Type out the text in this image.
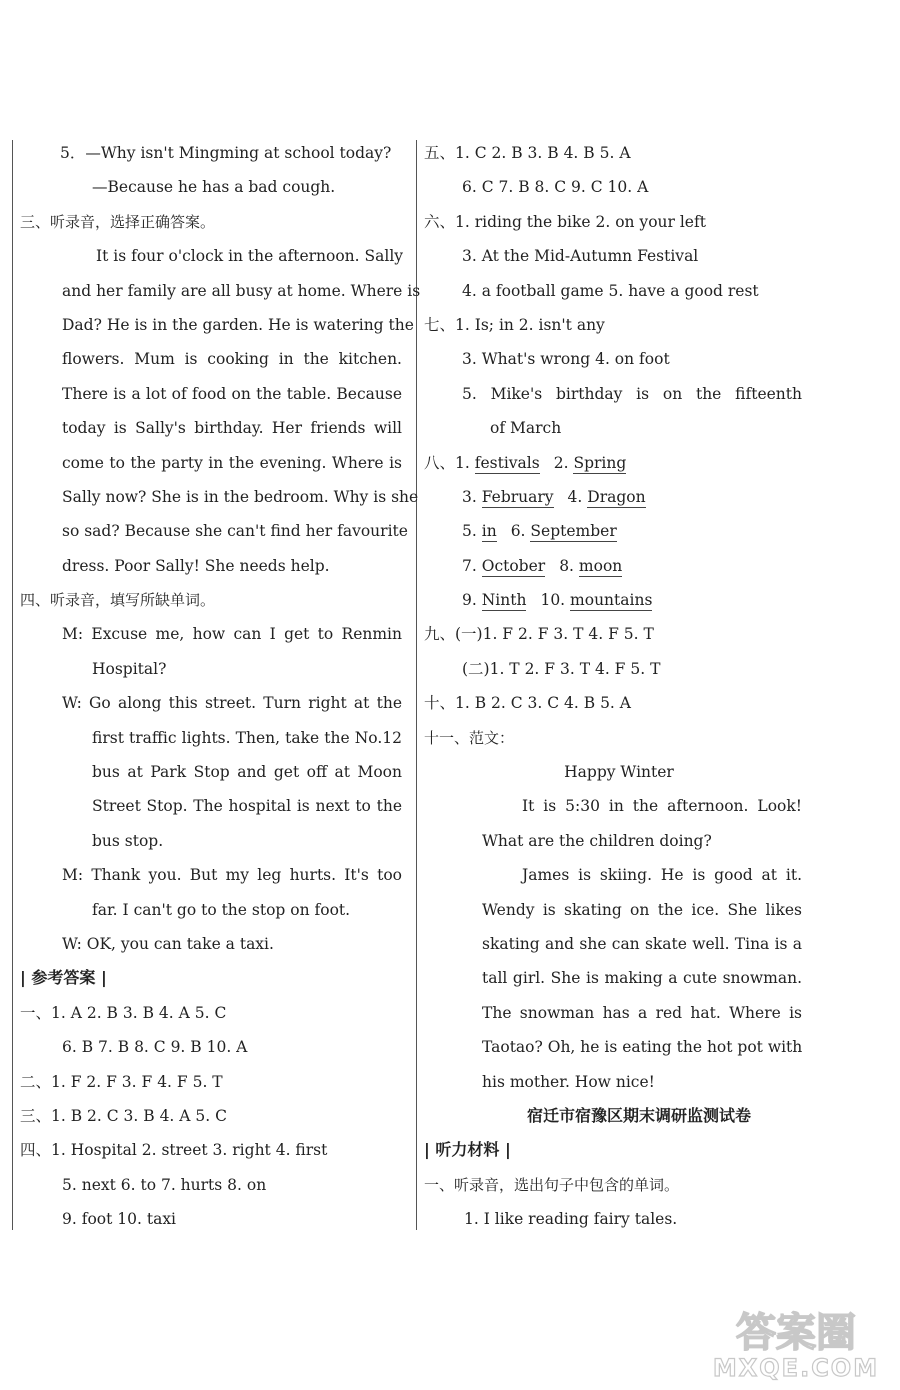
5．—Why isn't Mingming at school today?
—Because he has a bad cough.
三、听录音，选择正确答案。
It is four o'clock in the afternoon. Sally
and her family are all busy at home. Where is
Dad? He is in the garden. He is watering the
flowers. Mum is cooking in the kitchen.
There is a lot of food on the table. Because
today is Sally's birthday. Her friends will
come to the party in the evening. Where is
Sally now? She is in the bedroom. Why is she
so sad? Because she can't find her favourite
dress. Poor Sally! She needs help.
四、听录音，填写所缺单词。
M: Excuse me, how can I get to Renmin
Hospital?
W: Go along this street. Turn right at the
first traffic lights. Then, take the No.12
bus at Park Stop and get off at Moon
Street Stop. The hospital is next to the
bus stop.
M: Thank you. But my leg hurts. It's too
far. I can't go to the stop on foot.
W: OK, you can take a taxi.
| 参考答案 |
一、1. A 2. B 3. B 4. A 5. C
6. B 7. B 8. C 9. B 10. A
二、1. F 2. F 3. F 4. F 5. T
三、1. B 2. C 3. B 4. A 5. C
四、1. Hospital 2. street 3. right 4. first
5. next 6. to 7. hurts 8. on
9. foot 10. taxi
五、1. C 2. B 3. B 4. B 5. A
6. C 7. B 8. C 9. C 10. A
六、1. riding the bike 2. on your left
3. At the Mid-Autumn Festival
4. a football game 5. have a good rest
七、1. Is; in 2. isn't any
3. What's wrong 4. on foot
5. Mike's birthday is on the fifteenth
of March
八、1. festivals 2. Spring
3. February 4. Dragon
5. in 6. September
7. October 8. moon
9. Ninth 10. mountains
九、(一)1. F 2. F 3. T 4. F 5. T
(二)1. T 2. F 3. T 4. F 5. T
十、1. B 2. C 3. C 4. B 5. A
十一、范文：
Happy Winter
It is 5:30 in the afternoon. Look!
What are the children doing?
James is skiing. He is good at it.
Wendy is skating on the ice. She likes
skating and she can skate well. Tina is a
tall girl. She is making a cute snowman.
The snowman has a red hat. Where is
Taotao? Oh, he is eating the hot pot with
his mother. How nice!
宿迁市宿豫区期末调研监测试卷
| 听力材料 |
一、听录音，选出句子中包含的单词。
1. I like reading fairy tales.
答案圈
MXQE.COM
